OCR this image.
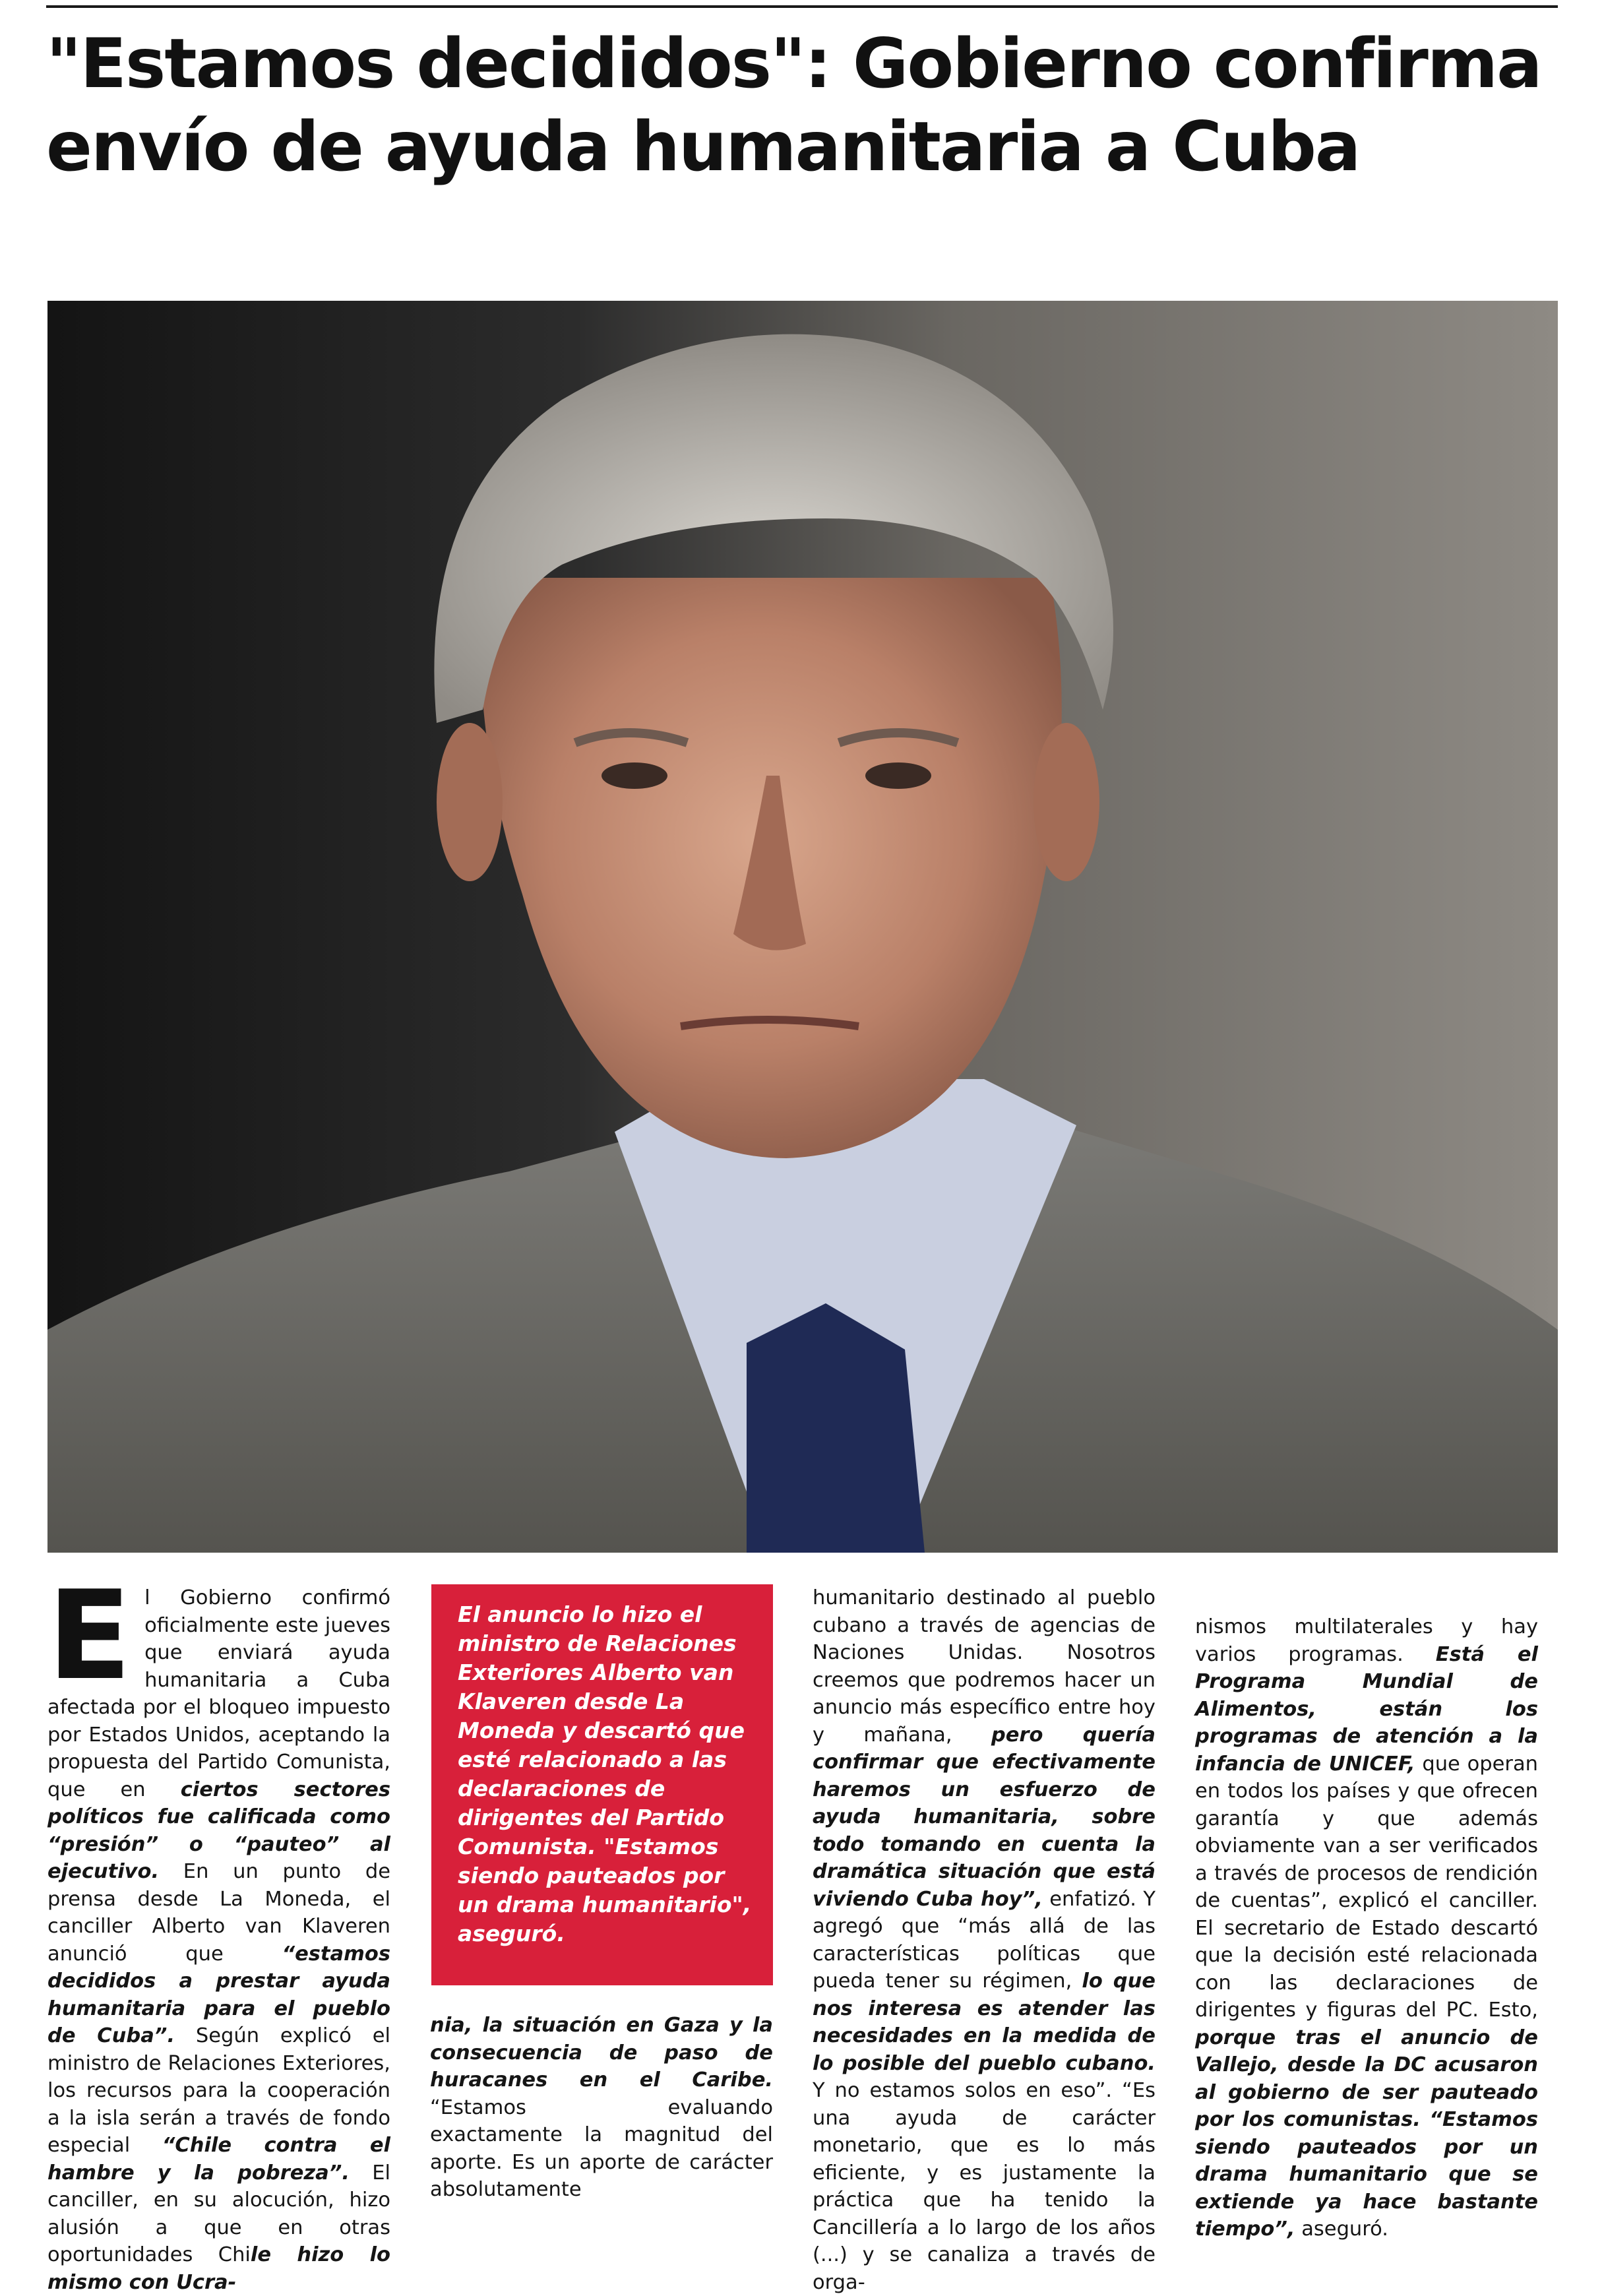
"Estamos decididos": Gobierno confirma envío de ayuda humanitaria a Cuba
E l Gobierno confirmó oficialmente este jueves que enviará ayuda humanitaria a Cuba afectada por el bloqueo impuesto por Estados Unidos, aceptando la propuesta del Partido Comunista, que en ciertos sectores políticos fue calificada como “presión” o “pauteo” al ejecutivo. En un punto de prensa desde La Moneda, el canciller Alberto van Klaveren anunció que “estamos decididos a prestar ayuda humanitaria para el pueblo de Cuba”. Según explicó el ministro de Relaciones Exteriores, los recursos para la cooperación a la isla serán a través de fondo especial “Chile contra el hambre y la pobreza”. El canciller, en su alocución, hizo alusión a que en otras oportunidades Chile hizo lo mismo con Ucra-

El anuncio lo hizo el ministro de Relaciones Exteriores Alberto van Klaveren desde La Moneda y descartó que esté relacionado a las declaraciones de dirigentes del Partido Comunista. "Estamos siendo pauteados por un drama humanitario", aseguró.

nia, la situación en Gaza y la consecuencia de paso de huracanes en el Caribe. “Estamos evaluando exactamente la magnitud del aporte. Es un aporte de carácter absolutamente

humanitario destinado al pueblo cubano a través de agencias de Naciones Unidas. Nosotros creemos que podremos hacer un anuncio más específico entre hoy y mañana, pero quería confirmar que efectivamente haremos un esfuerzo de ayuda humanitaria, sobre todo tomando en cuenta la dramática situación que está viviendo Cuba hoy”, enfatizó. Y agregó que “más allá de las características políticas que pueda tener su régimen, lo que nos interesa es atender las necesidades en la medida de lo posible del pueblo cubano. Y no estamos solos en eso”. “Es una ayuda de carácter monetario, que es lo más eficiente, y es justamente la práctica que ha tenido la Cancillería a lo largo de los años (...) y se canaliza a través de orga-

nismos multilaterales y hay varios programas. Está el Programa Mundial de Alimentos, están los programas de atención a la infancia de UNICEF, que operan en todos los países y que ofrecen garantía y que además obviamente van a ser verificados a través de procesos de rendición de cuentas”, explicó el canciller. El secretario de Estado descartó que la decisión esté relacionada con las declaraciones de dirigentes y figuras del PC. Esto, porque tras el anuncio de Vallejo, desde la DC acusaron al gobierno de ser pauteado por los comunistas. “Estamos siendo pauteados por un drama humanitario que se extiende ya hace bastante tiempo”, aseguró.
